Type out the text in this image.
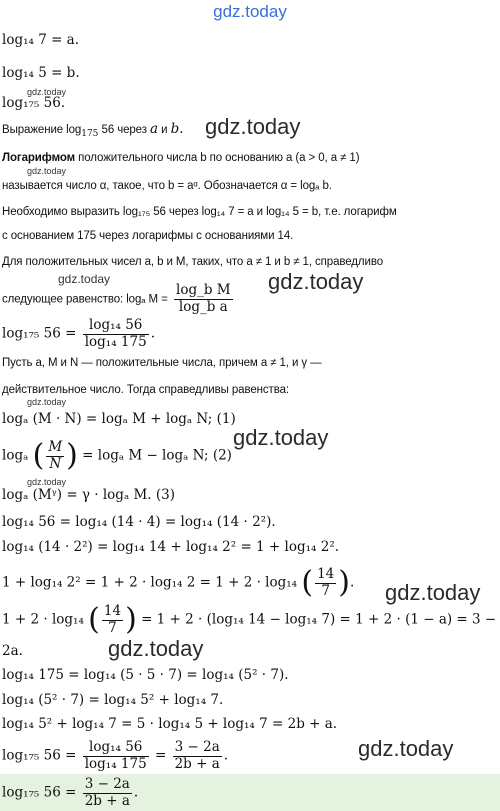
gdz.today
gdz.today
gdz.today
gdz.today
gdz.today	gdz.today
gdz.today
gdz.today
gdz.today
gdz.today
gdz.today
gdz.today
log₁₄ 7 = a.
log₁₄ 5 = b.
log₁₇₅ 56.
Выражение $\log_{175} 56$ через a и b.
Логарифмом положительного числа b по основанию a (a > 0, a ≠ 1)
называется число α, такое, что b = aᵅ. Обозначается α = logₐ b.
Необходимо выразить log₁₇₅ 56 через log₁₄ 7 = a и log₁₄ 5 = b, т.е. логарифм
с основанием 175 через логарифмы с основаниями 14.
Для положительных чисел a, b и M, таких, что a ≠ 1 и b ≠ 1, справедливо
следующее равенство: logₐ $M = \frac{\text{log\_b M}}{\text{log\_b a}}$
log₁₇₅ $56 = \frac{\text{log₁₄ 56}}{\text{log₁₄ 175}}$ .
Пусть a, M и N — положительные числа, причем a ≠ 1, и γ —
действительное число. Тогда справедливы равенства:
logₐ (M · N) = logₐ M + logₐ N; (1)
logₐ ( $\frac{M}{N}$ ) = logₐ M − logₐ N; (2)
logₐ (Mᵞ) = γ · logₐ M. (3)
log₁₄ 56 = log₁₄ (14 · 4) = log₁₄ (14 · 2²).
log₁₄ (14 · 2²) = log₁₄ 14 + log₁₄ 2² = 1 + log₁₄ 2².
1 + log₁₄ 2² = 1 + 2 · log₁₄ 2 = 1 + 2 · log₁₄ ( $\frac{14}{7}$ ).
1 + 2 · log₁₄ ( $\frac{14}{7}$ ) = 1 + 2 · (log₁₄ 14 − log₁₄ 7) = 1 + 2 · (1 − a) = 3 −
2a.
log₁₄ 175 = log₁₄ (5 · 5 · 7) = log₁₄ (5² · 7).
log₁₄ (5² · 7) = log₁₄ 5² + log₁₄ 7.
log₁₄ 5² + log₁₄ 7 = 5 · log₁₄ 5 + log₁₄ 7 = 2b + a.
log₁₇₅ $56 = \frac{\text{log₁₄ 56}}{\text{log₁₄ 175}} = \frac{3 - 2a}{2b + a}$ .
log₁₇₅ $56 = \frac{3 - 2a}{2b + a}$ .
